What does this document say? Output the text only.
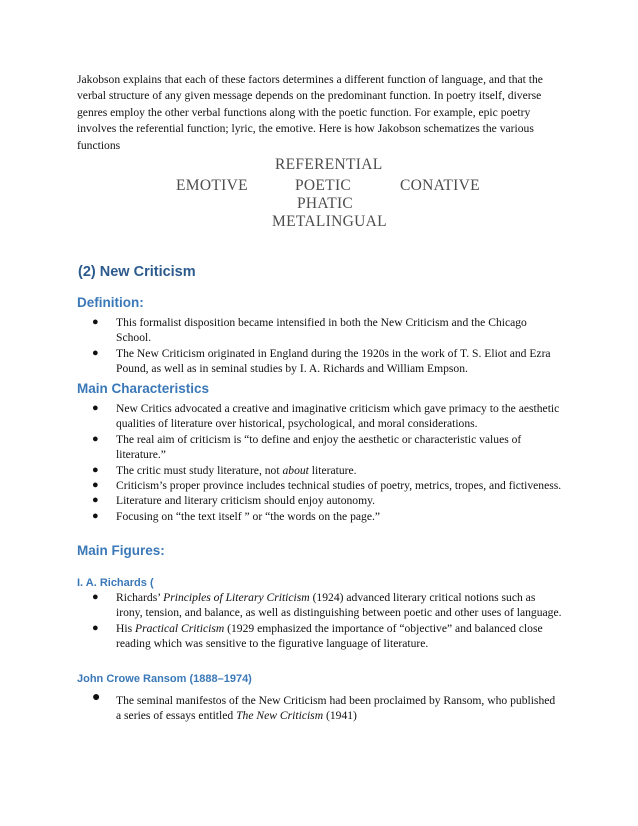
Jakobson explains that each of these factors determines a different function of language, and that the verbal structure of any given message depends on the predominant function. In poetry itself, diverse genres employ the other verbal functions along with the poetic function. For example, epic poetry involves the referential function; lyric, the emotive. Here is how Jakobson schematizes the various functions

REFERENTIAL
EMOTIVE	POETIC	CONATIVE
PHATIC
METALINGUAL
(2) New Criticism
Definition:
● This formalist disposition became intensified in both the New Criticism and the Chicago School.
● The New Criticism originated in England during the 1920s in the work of T. S. Eliot and Ezra Pound, as well as in seminal studies by I. A. Richards and William Empson.
Main Characteristics
● New Critics advocated a creative and imaginative criticism which gave primacy to the aesthetic qualities of literature over historical, psychological, and moral considerations.
● The real aim of criticism is “to define and enjoy the aesthetic or characteristic values of literature.”
● The critic must study literature, not about literature.
● Criticism’s proper province includes technical studies of poetry, metrics, tropes, and fictiveness.
● Literature and literary criticism should enjoy autonomy.
● Focusing on “the text itself ” or “the words on the page.”
Main Figures:
I. A. Richards (
● Richards’ Principles of Literary Criticism (1924) advanced literary critical notions such as irony, tension, and balance, as well as distinguishing between poetic and other uses of language.
● His Practical Criticism (1929 emphasized the importance of “objective” and balanced close reading which was sensitive to the figurative language of literature.
John Crowe Ransom (1888–1974)
● The seminal manifestos of the New Criticism had been proclaimed by Ransom, who published a series of essays entitled The New Criticism (1941)
